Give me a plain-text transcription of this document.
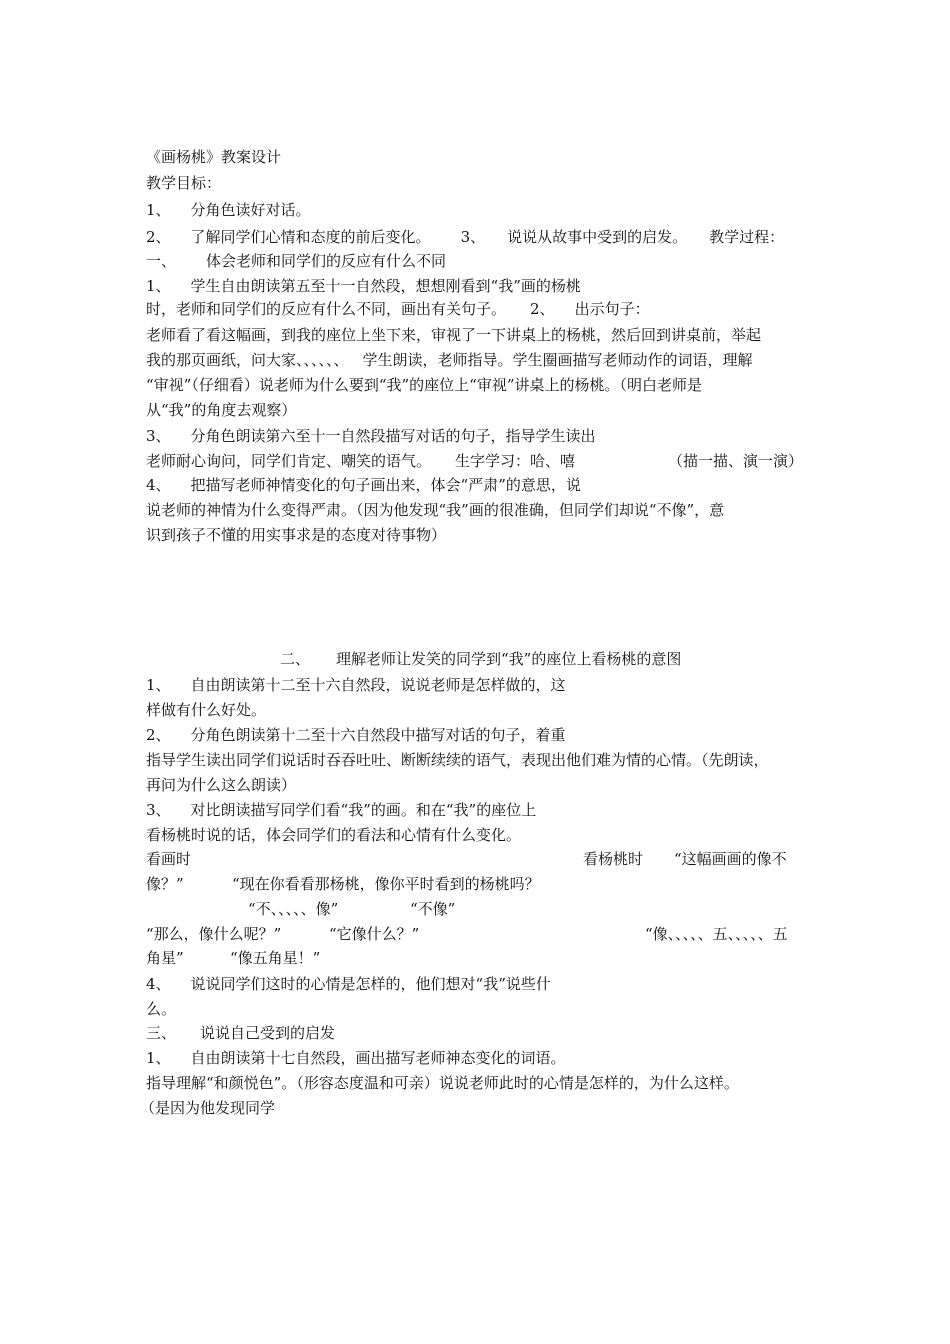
《画杨桃》教案设计
教学目标：
1、 分角色读好对话。
2、 了解同学们心情和态度的前后变化。 3、 说说从故事中受到的启发。 教学过程：
一、 体会老师和同学们的反应有什么不同
1、 学生自由朗读第五至十一自然段，想想刚看到“我”画的杨桃
时，老师和同学们的反应有什么不同，画出有关句子。 2、 出示句子：
老师看了看这幅画，到我的座位上坐下来，审视了一下讲桌上的杨桃，然后回到讲桌前，举起
我的那页画纸，问大家、、、、、、 学生朗读，老师指导。学生圈画描写老师动作的词语，理解
“审视”（仔细看）说老师为什么要到“我”的座位上“审视”讲桌上的杨桃。（明白老师是
从“我”的角度去观察）
3、 分角色朗读第六至十一自然段描写对话的句子，指导学生读出
老师耐心询问，同学们肯定、嘲笑的语气。 生字学习：哈、嘻	（描一描、演一演）
4、 把描写老师神情变化的句子画出来，体会“严肃”的意思，说
说老师的神情为什么变得严肃。（因为他发现“我”画的很准确，但同学们却说“不像”，意
识到孩子不懂的用实事求是的态度对待事物）
二、 理解老师让发笑的同学到“我”的座位上看杨桃的意图
1、 自由朗读第十二至十六自然段，说说老师是怎样做的，这
样做有什么好处。
2、 分角色朗读第十二至十六自然段中描写对话的句子，着重
指导学生读出同学们说话时吞吞吐吐、断断续续的语气，表现出他们难为情的心情。（先朗读，
再问为什么这么朗读）
3、 对比朗读描写同学们看“我”的画。和在“我”的座位上
看杨桃时说的话，体会同学们的看法和心情有什么变化。
看画时	看杨桃时 “这幅画画的像不
像？”	“现在你看看那杨桃，像你平时看到的杨桃吗？
“不、、、、、像”	“不像”
“那么，像什么呢？”	“它像什么？”	“像、、、、、五、、、、、五
角星”	“像五角星！”
4、 说说同学们这时的心情是怎样的，他们想对“我”说些什
么。
三、 说说自己受到的启发
1、 自由朗读第十七自然段，画出描写老师神态变化的词语。
指导理解“和颜悦色”。（形容态度温和可亲）说说老师此时的心情是怎样的，为什么这样。
（是因为他发现同学
